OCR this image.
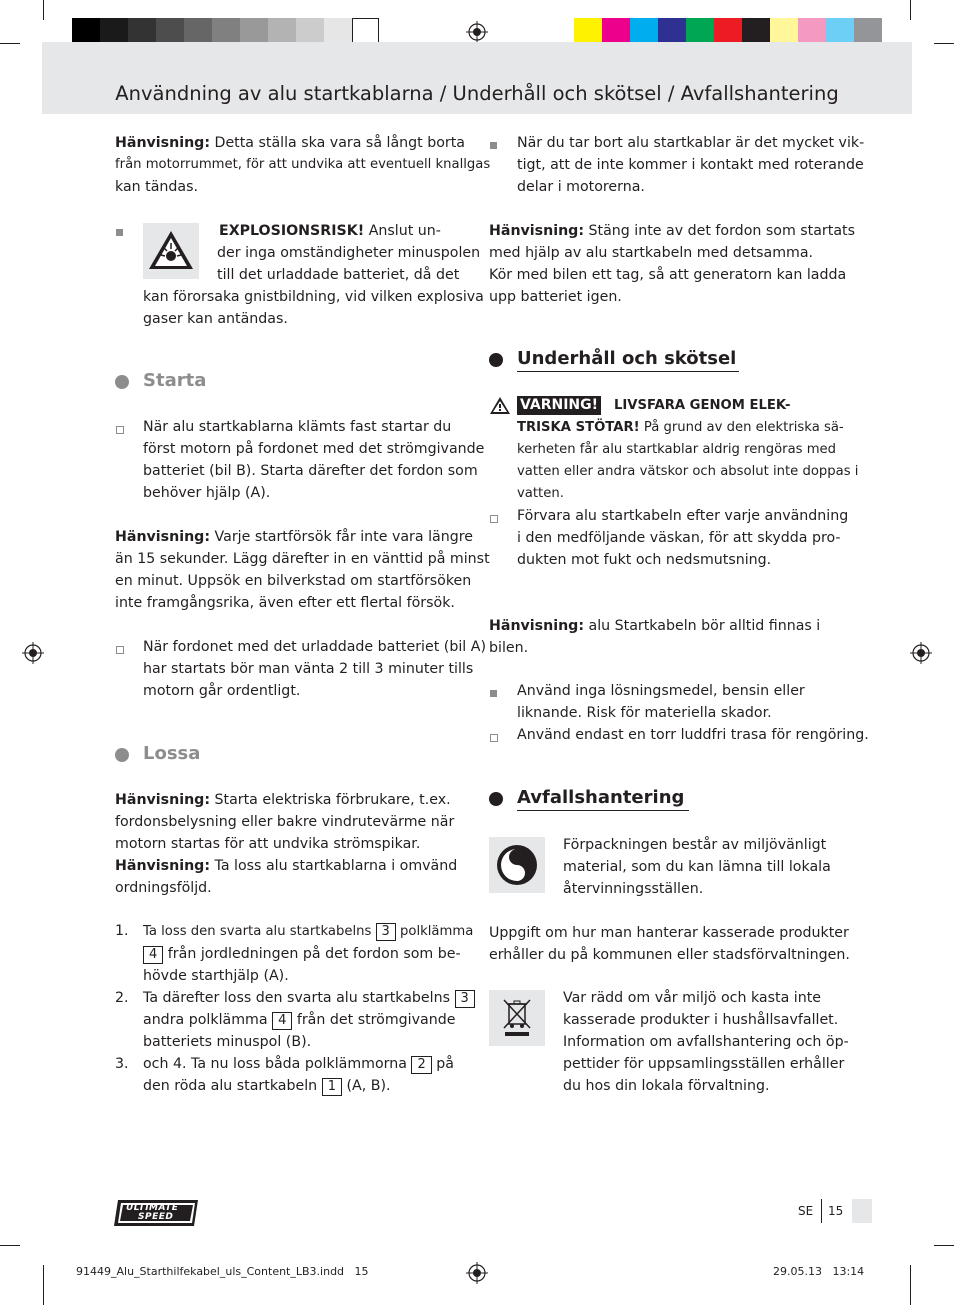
Användning av alu startkablarna / Underhåll och skötsel / Avfallshantering
Hänvisning: Detta ställa ska vara så långt borta
från motorrummet, för att undvika att eventuell knallgas
kan tändas.
EXPLOSIONSRISK! Anslut un-
der inga omständigheter minuspolen
till det urladdade batteriet, då det
kan förorsaka gnistbildning, vid vilken explosiva
gaser kan antändas.
Starta
När alu startkablarna klämts fast startar du
först motorn på fordonet med det strömgivande
batteriet (bil B). Starta därefter det fordon som
behöver hjälp (A).
Hänvisning: Varje startförsök får inte vara längre
än 15 sekunder. Lägg därefter in en vänttid på minst
en minut. Uppsök en bilverkstad om startförsöken
inte framgångsrika, även efter ett flertal försök.
När fordonet med det urladdade batteriet (bil A)
har startats bör man vänta 2 till 3 minuter tills
motorn går ordentligt.
Lossa
Hänvisning: Starta elektriska förbrukare, t.ex.
fordonsbelysning eller bakre vindrutevärme när
motorn startas för att undvika strömspikar.
Hänvisning: Ta loss alu startkablarna i omvänd
ordningsföljd.
1. Ta loss den svarta alu startkabelns 3 polklämma
4 från jordledningen på det fordon som be-
hövde starthjälp (A).
2. Ta därefter loss den svarta alu startkabelns 3
andra polklämma 4 från det strömgivande
batteriets minuspol (B).
3. och 4. Ta nu loss båda polklämmorna 2 på
den röda alu startkabeln 1 (A, B).
När du tar bort alu startkablar är det mycket vik-
tigt, att de inte kommer i kontakt med roterande
delar i motorerna.
Hänvisning: Stäng inte av det fordon som startats
med hjälp av alu startkabeln med detsamma.
Kör med bilen ett tag, så att generatorn kan ladda
upp batteriet igen.
Underhåll och skötsel
VARNING! LIVSFARA GENOM ELEK-
TRISKA STÖTAR! På grund av den elektriska sä-
kerheten får alu startkablar aldrig rengöras med
vatten eller andra vätskor och absolut inte doppas i
vatten.
Förvara alu startkabeln efter varje användning
i den medföljande väskan, för att skydda pro-
dukten mot fukt och nedsmutsning.
Hänvisning: alu Startkabeln bör alltid finnas i
bilen.
Använd inga lösningsmedel, bensin eller
liknande. Risk för materiella skador.
Använd endast en torr luddfri trasa för rengöring.
Avfallshantering
Förpackningen består av miljövänligt
material, som du kan lämna till lokala
återvinningsställen.
Uppgift om hur man hanterar kasserade produkter
erhåller du på kommunen eller stadsförvaltningen.
Var rädd om vår miljö och kasta inte
kasserade produkter i hushållsavfallet.
Information om avfallshantering och öp-
pettider för uppsamlingsställen erhåller
du hos din lokala förvaltning.
ULTIMATE
SPEED	SE 15
91449_Alu_Starthilfekabel_uls_Content_LB3.indd   15	29.05.13   13:14
